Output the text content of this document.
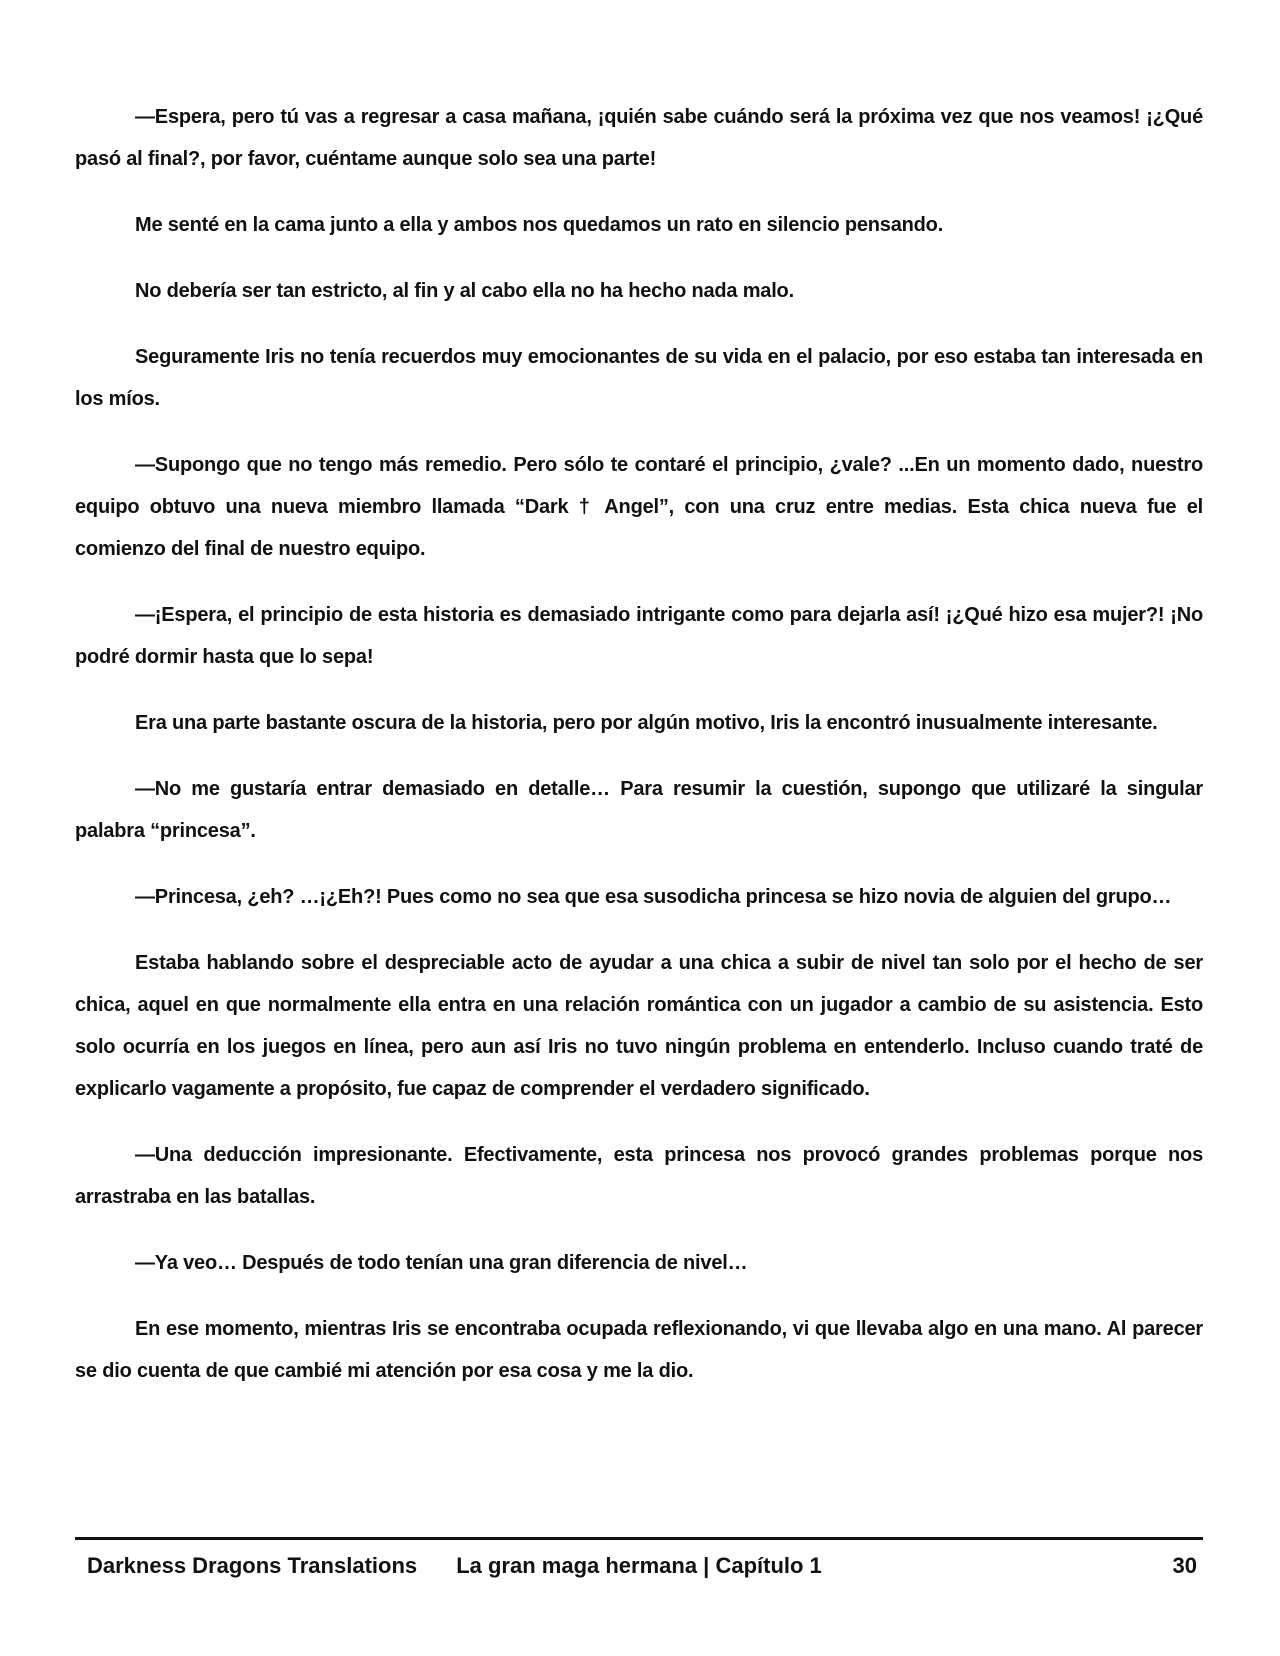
—Espera, pero tú vas a regresar a casa mañana, ¡quién sabe cuándo será la próxima vez que nos veamos! ¡¿Qué pasó al final?, por favor, cuéntame aunque solo sea una parte!

Me senté en la cama junto a ella y ambos nos quedamos un rato en silencio pensando.

No debería ser tan estricto, al fin y al cabo ella no ha hecho nada malo.

Seguramente Iris no tenía recuerdos muy emocionantes de su vida en el palacio, por eso estaba tan interesada en los míos.

—Supongo que no tengo más remedio. Pero sólo te contaré el principio, ¿vale? ...En un momento dado, nuestro equipo obtuvo una nueva miembro llamada “Dark † Angel”, con una cruz entre medias. Esta chica nueva fue el comienzo del final de nuestro equipo.

—¡Espera, el principio de esta historia es demasiado intrigante como para dejarla así! ¡¿Qué hizo esa mujer?! ¡No podré dormir hasta que lo sepa!

Era una parte bastante oscura de la historia, pero por algún motivo, Iris la encontró inusualmente interesante.

—No me gustaría entrar demasiado en detalle… Para resumir la cuestión, supongo que utilizaré la singular palabra “princesa”.

—Princesa, ¿eh? …¡¿Eh?! Pues como no sea que esa susodicha princesa se hizo novia de alguien del grupo…

Estaba hablando sobre el despreciable acto de ayudar a una chica a subir de nivel tan solo por el hecho de ser chica, aquel en que normalmente ella entra en una relación romántica con un jugador a cambio de su asistencia. Esto solo ocurría en los juegos en línea, pero aun así Iris no tuvo ningún problema en entenderlo. Incluso cuando traté de explicarlo vagamente a propósito, fue capaz de comprender el verdadero significado.

—Una deducción impresionante. Efectivamente, esta princesa nos provocó grandes problemas porque nos arrastraba en las batallas.

—Ya veo… Después de todo tenían una gran diferencia de nivel…

En ese momento, mientras Iris se encontraba ocupada reflexionando, vi que llevaba algo en una mano. Al parecer se dio cuenta de que cambié mi atención por esa cosa y me la dio.

Darkness Dragons Translations	La gran maga hermana | Capítulo 1	30
